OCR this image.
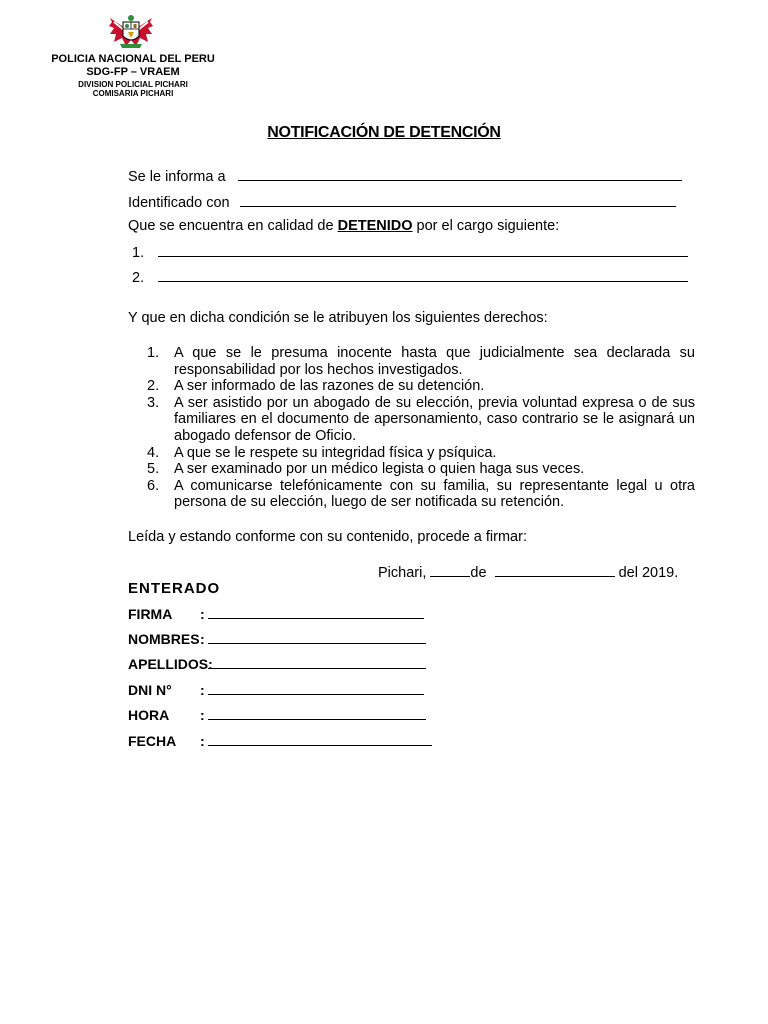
POLICIA NACIONAL DEL PERU
SDG-FP – VRAEM
DIVISION POLICIAL PICHARI
COMISARIA PICHARI
NOTIFICACIÓN DE DETENCIÓN
Se le informa a
Identificado con
Que se encuentra en calidad de DETENIDO por el cargo siguiente:
1.
2.
Y que en dicha condición se le atribuyen los siguientes derechos:
1.	A que se le presuma inocente hasta que judicialmente sea declarada su responsabilidad por los hechos investigados.
2.	A ser informado de las razones de su detención.
3.	A ser asistido por un abogado de su elección, previa voluntad expresa o de sus familiares en el documento de apersonamiento, caso contrario se le asignará un abogado defensor de Oficio.
4.	A que se le respete su integridad física y psíquica.
5.	A ser examinado por un médico legista o quien haga sus veces.
6.	A comunicarse telefónicamente con su familia, su representante legal u otra persona de su elección, luego de ser notificada su retención.
Leída y estando conforme con su contenido, procede a firmar:
Pichari,	de	del 2019.
ENTERADO
FIRMA :
NOMBRES:
APELLIDOS:
DNI N° :
HORA :
FECHA :
